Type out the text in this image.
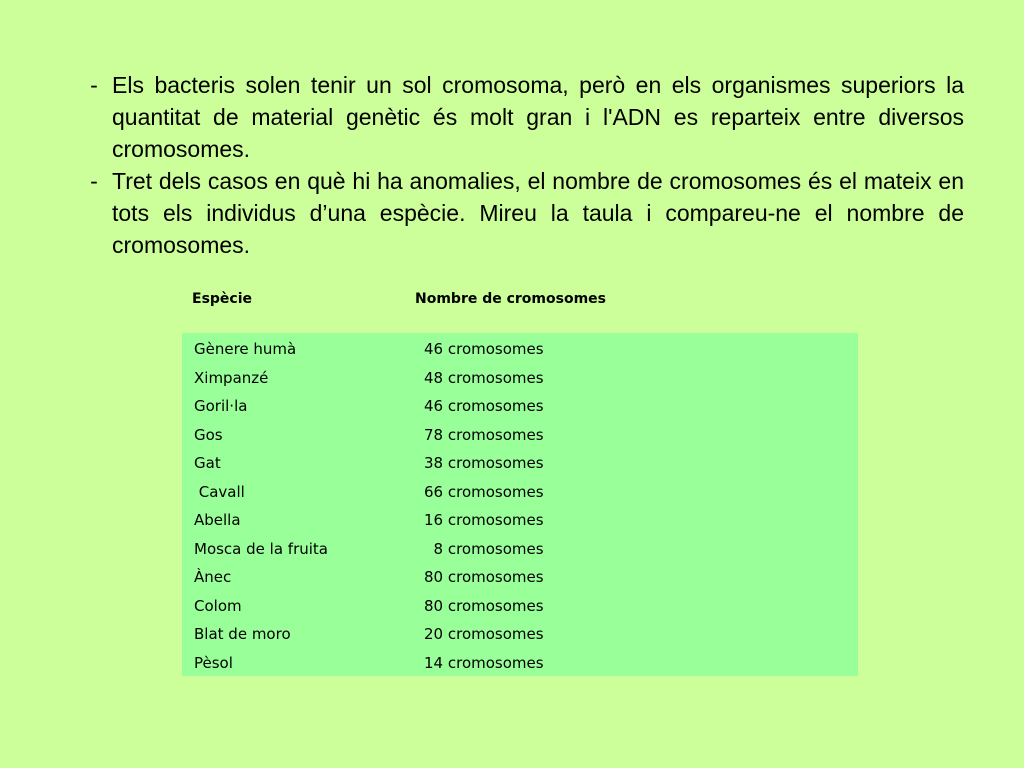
- Els bacteris solen tenir un sol cromosoma, però en els organismes superiors la quantitat de material genètic és molt gran i l'ADN es reparteix entre diversos cromosomes.
- Tret dels casos en què hi ha anomalies, el nombre de cromosomes és el mateix en tots els individus d’una espècie. Mireu la taula i compareu-ne el nombre de cromosomes.
Espècie	Nombre de cromosomes
Gènere humà	46 cromosomes
Ximpanzé	48 cromosomes
Goril·la	46 cromosomes
Gos	78 cromosomes
Gat	38 cromosomes
Cavall	66 cromosomes
Abella	16 cromosomes
Mosca de la fruita	8 cromosomes
Ànec	80 cromosomes
Colom	80 cromosomes
Blat de moro	20 cromosomes
Pèsol	14 cromosomes
